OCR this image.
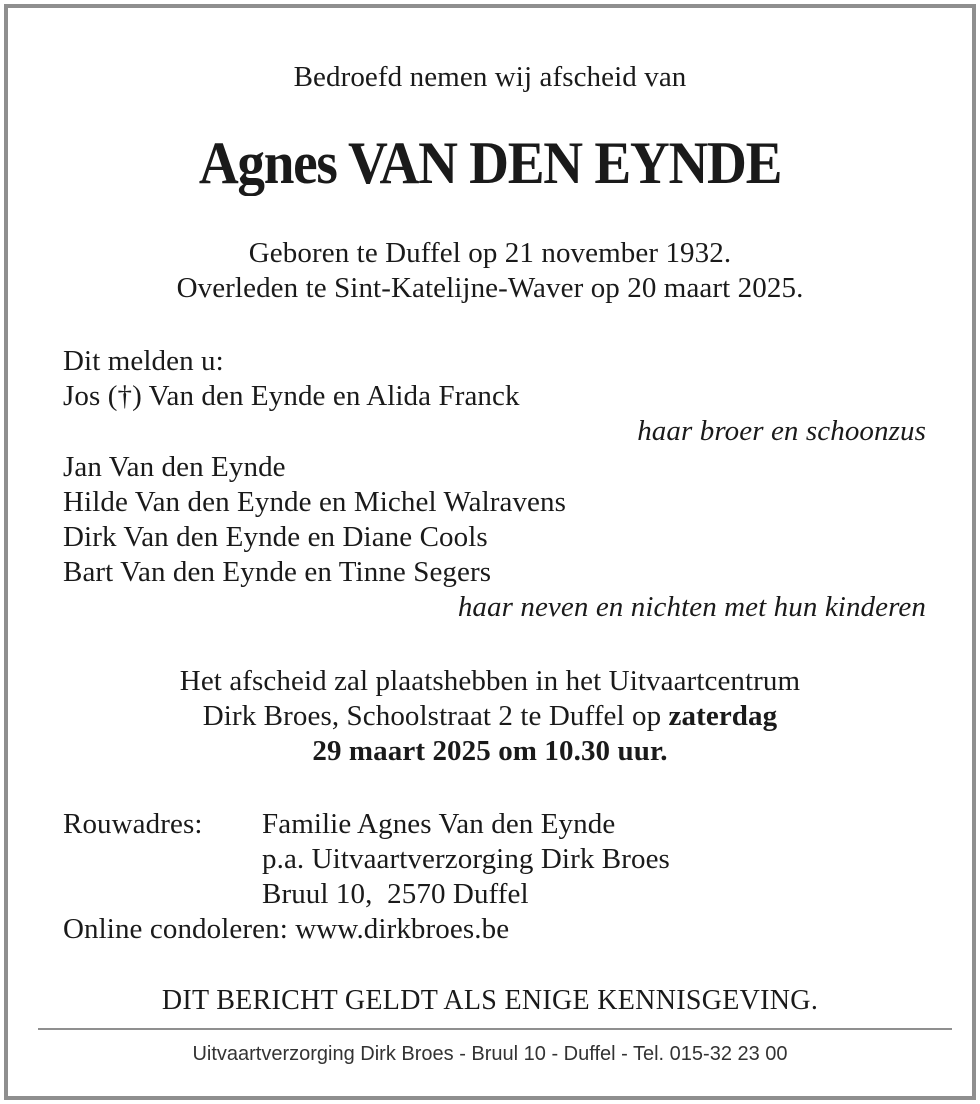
Bedroefd nemen wij afscheid van
Agnes VAN DEN EYNDE
Geboren te Duffel op 21 november 1932.
Overleden te Sint-Katelijne-Waver op 20 maart 2025.
Dit melden u:
Jos (†) Van den Eynde en Alida Franck
haar broer en schoonzus
Jan Van den Eynde
Hilde Van den Eynde en Michel Walravens
Dirk Van den Eynde en Diane Cools
Bart Van den Eynde en Tinne Segers
haar neven en nichten met hun kinderen
Het afscheid zal plaatshebben in het Uitvaartcentrum
Dirk Broes, Schoolstraat 2 te Duffel op zaterdag
29 maart 2025 om 10.30 uur.
Rouwadres: Familie Agnes Van den Eynde
p.a. Uitvaartverzorging Dirk Broes
Bruul 10,  2570 Duffel
Online condoleren: www.dirkbroes.be
DIT BERICHT GELDT ALS ENIGE KENNISGEVING.
Uitvaartverzorging Dirk Broes - Bruul 10 - Duffel - Tel. 015-32 23 00
